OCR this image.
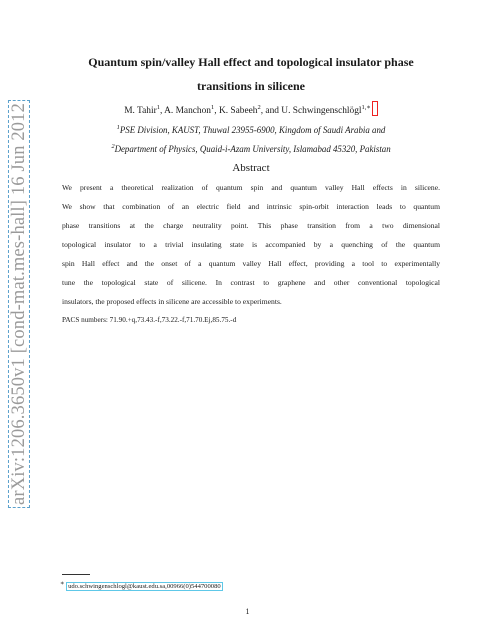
arXiv:1206.3650v1 [cond-mat.mes-hall] 16 Jun 2012
Quantum spin/valley Hall effect and topological insulator phase
transitions in silicene
M. Tahir$^1$, A. Manchon$^1$, K. Sabeeh$^2$, and U. Schwingenschlögl$^{1,∗}$
$^1$PSE Division, KAUST, Thuwal 23955-6900, Kingdom of Saudi Arabia and
$^2$Department of Physics, Quaid-i-Azam University, Islamabad 45320, Pakistan
Abstract
We present a theoretical realization of quantum spin and quantum valley Hall effects in silicene.
We show that combination of an electric field and intrinsic spin-orbit interaction leads to quantum
phase transitions at the charge neutrality point. This phase transition from a two dimensional
topological insulator to a trivial insulating state is accompanied by a quenching of the quantum
spin Hall effect and the onset of a quantum valley Hall effect, providing a tool to experimentally
tune the topological state of silicene. In contrast to graphene and other conventional topological
insulators, the proposed effects in silicene are accessible to experiments.
PACS numbers: 71.90.+q,73.43.-f,73.22.-f,71.70.Ej,85.75.-d
∗ udo.schwingenschlogl@kaust.edu.sa,00966(0)544700080
1
